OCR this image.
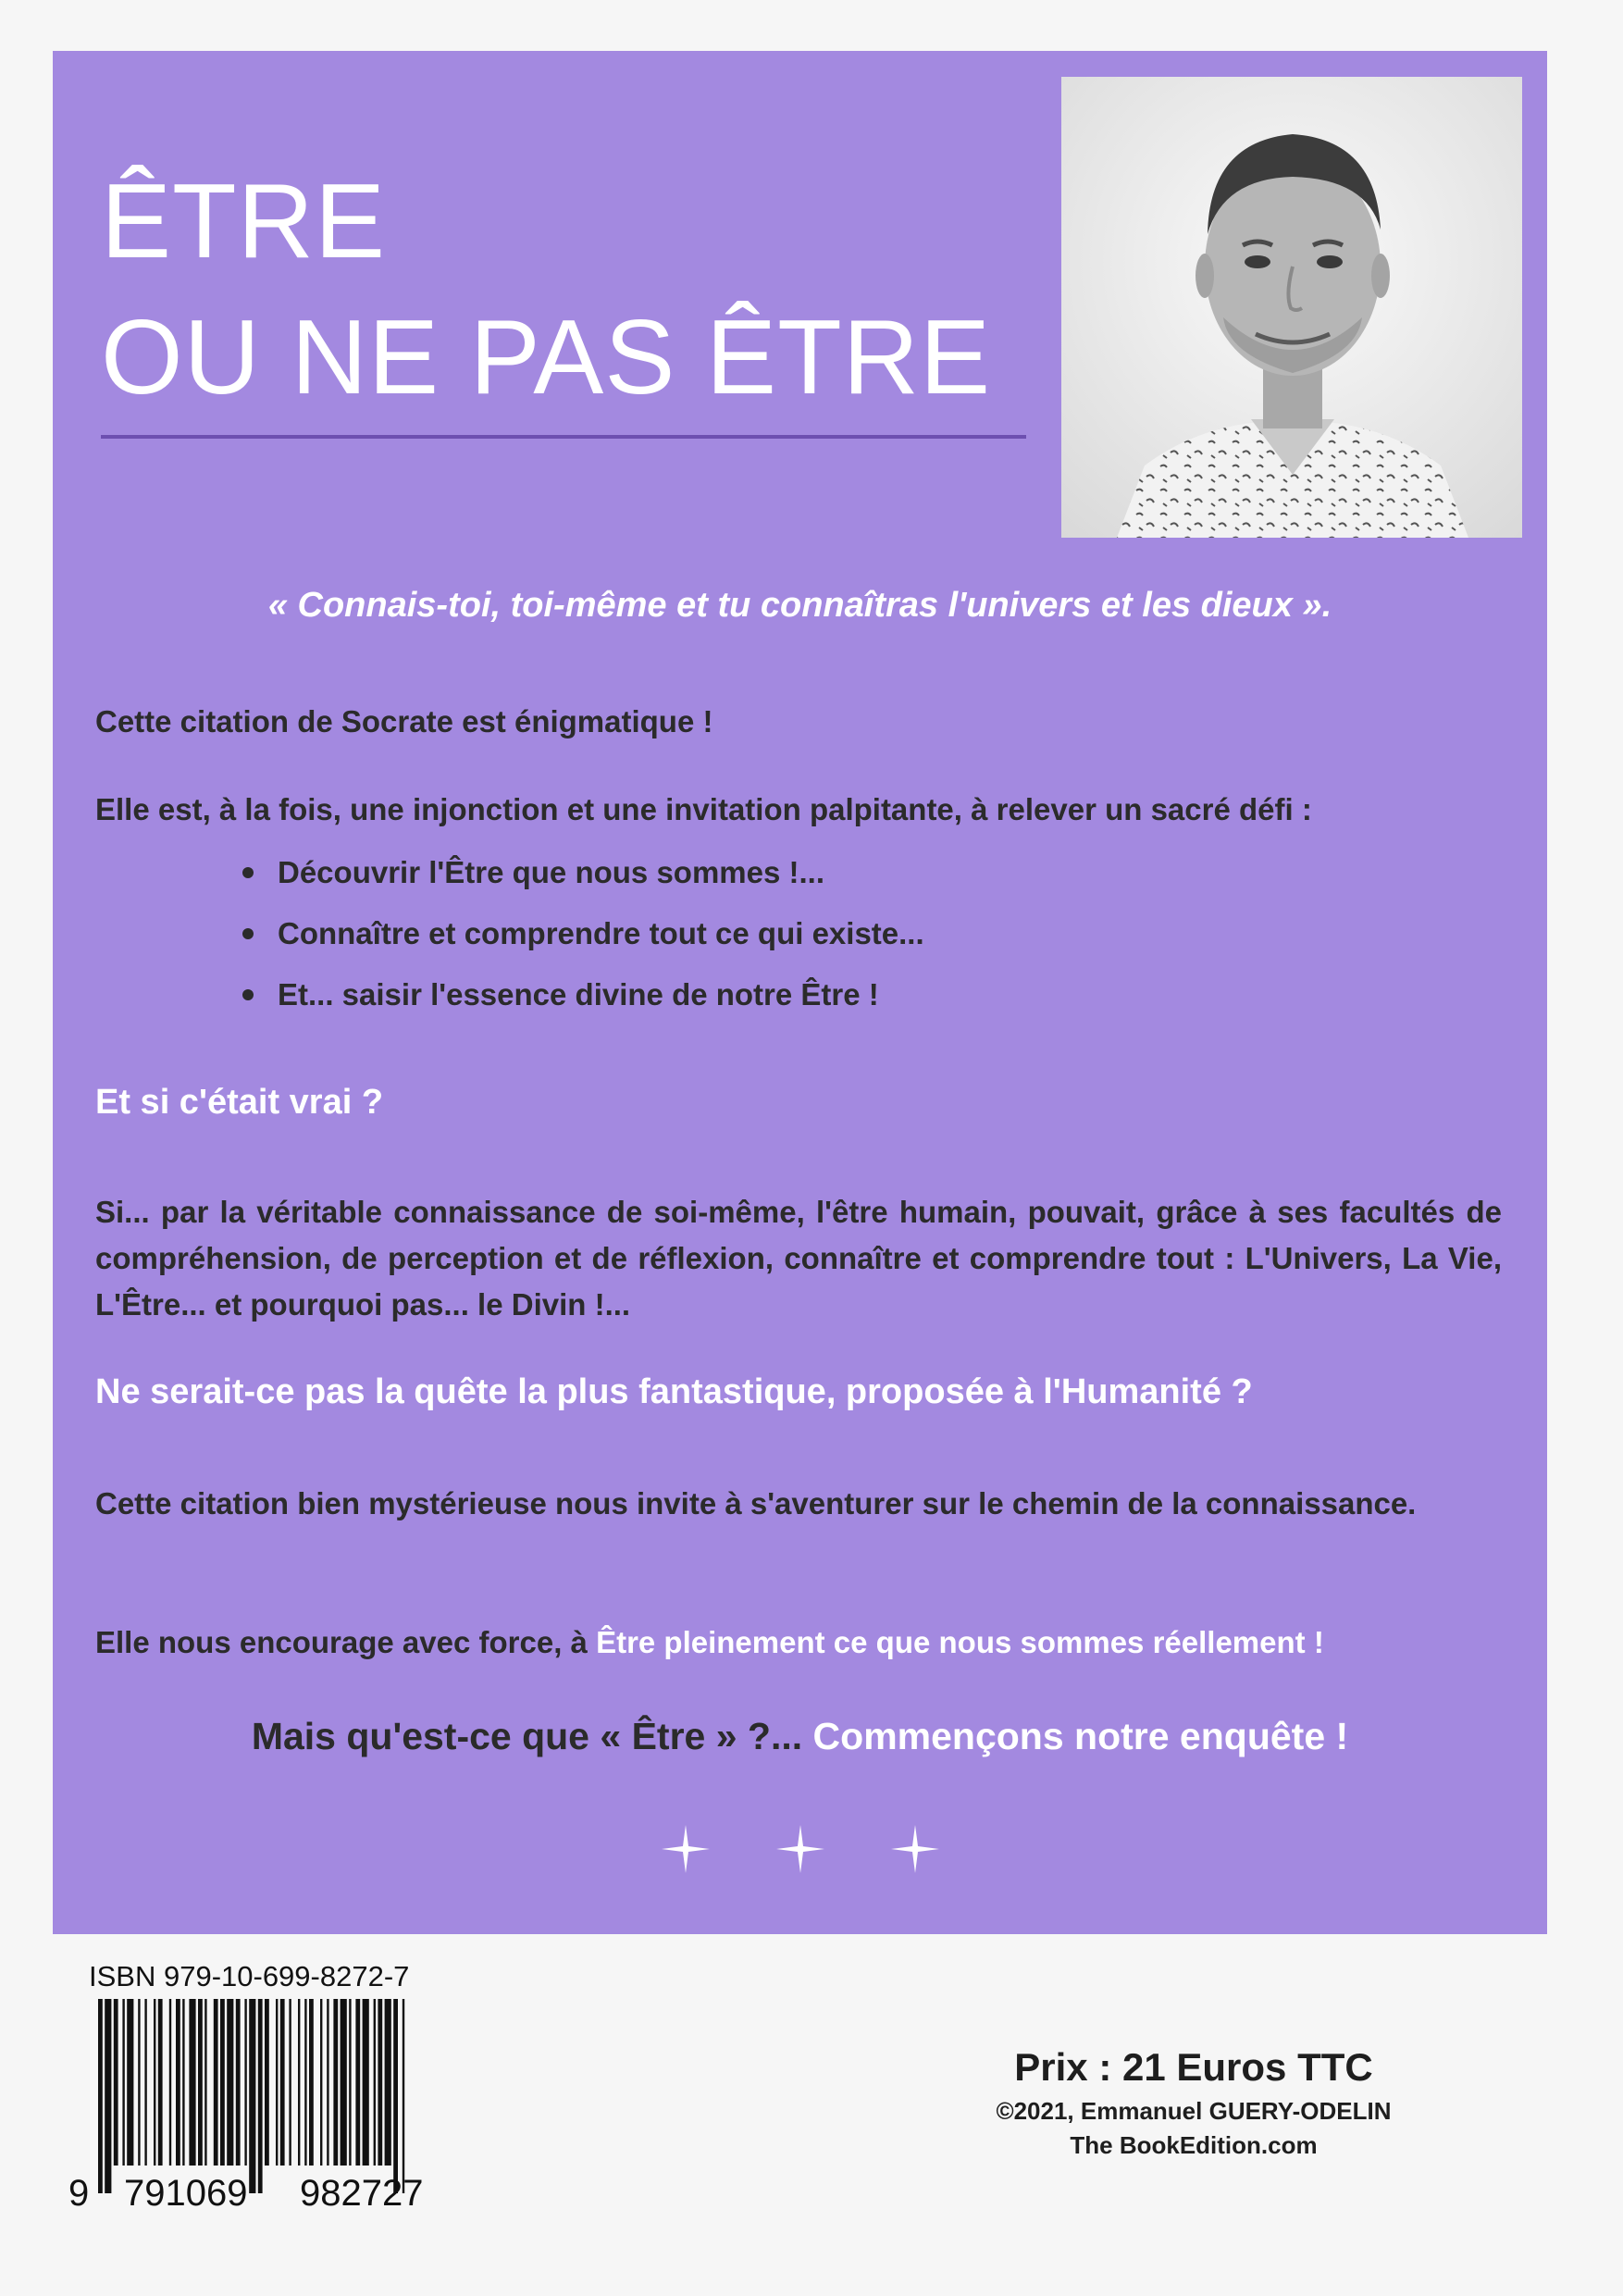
ÊTRE
OU NE PAS ÊTRE

« Connais-toi, toi-même et tu connaîtras l'univers et les dieux ».

Cette citation de Socrate est énigmatique !

Elle est, à la fois, une injonction et une invitation palpitante, à relever un sacré défi :

Découvrir l'Être que nous sommes !...
Connaître et comprendre tout ce qui existe...
Et... saisir l'essence divine de notre Être !

Et si c'était vrai ?

Si... par la véritable connaissance de soi-même, l'être humain, pouvait, grâce à ses facultés de compréhension, de perception et de réflexion, connaître et comprendre tout : L'Univers, La Vie, L'Être... et pourquoi pas... le Divin !...

Ne serait-ce pas la quête la plus fantastique, proposée à l'Humanité ?

Cette citation bien mystérieuse nous invite à s'aventurer sur le chemin de la connaissance.

Elle nous encourage avec force, à Être pleinement ce que nous sommes réellement !

Mais qu'est-ce que « Être » ?... Commençons notre enquête !

ISBN 979-10-699-8272-7

9 791069 982727

Prix : 21 Euros TTC

©2021, Emmanuel GUERY-ODELIN

The BookEdition.com
